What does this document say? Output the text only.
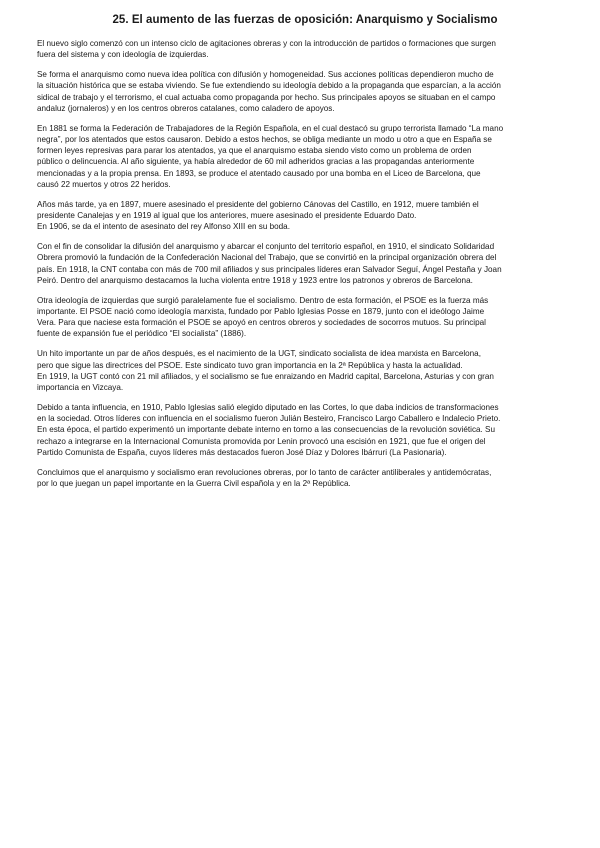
25. El aumento de las fuerzas de oposición: Anarquismo y Socialismo

El nuevo siglo comenzó con un intenso ciclo de agitaciones obreras y con la introducción de partidos o formaciones que surgen
fuera del sistema y con ideología de izquierdas.

Se forma el anarquismo como nueva idea política con difusión y homogeneidad. Sus acciones políticas dependieron mucho de
la situación histórica que se estaba viviendo. Se fue extendiendo su ideología debido a la propaganda que esparcían, a la acción
sidical de trabajo y el terrorismo, el cual actuaba como propaganda por hecho. Sus principales apoyos se situaban en el campo
andaluz (jornaleros) y en los centros obreros catalanes, como caladero de apoyos.

En 1881 se forma la Federación de Trabajadores de la Región Española, en el cual destacó su grupo terrorista llamado “La mano
negra”, por los atentados que estos causaron. Debido a estos hechos, se obliga mediante un modo u otro a que en España se
formen leyes represivas para parar los atentados, ya que el anarquismo estaba siendo visto como un problema de orden
público o delincuencia. Al año siguiente, ya había alrededor de 60 mil adheridos gracias a las propagandas anteriormente
mencionadas y a la propia prensa. En 1893, se produce el atentado causado por una bomba en el Liceo de Barcelona, que
causó 22 muertos y otros 22 heridos.

Años más tarde, ya en 1897, muere asesinado el presidente del gobierno Cánovas del Castillo, en 1912, muere también el
presidente Canalejas y en 1919 al igual que los anteriores, muere asesinado el presidente Eduardo Dato.
En 1906, se da el intento de asesinato del rey Alfonso XIII en su boda.

Con el fin de consolidar la difusión del anarquismo y abarcar el conjunto del territorio español, en 1910, el sindicato Solidaridad
Obrera promovió la fundación de la Confederación Nacional del Trabajo, que se convirtió en la principal organización obrera del
país. En 1918, la CNT contaba con más de 700 mil afiliados y sus principales líderes eran Salvador Seguí, Ángel Pestaña y Joan
Peiró. Dentro del anarquismo destacamos la lucha violenta entre 1918 y 1923 entre los patronos y obreros de Barcelona.

Otra ideología de izquierdas que surgió paralelamente fue el socialismo. Dentro de esta formación, el PSOE es la fuerza más
importante. El PSOE nació como ideología marxista, fundado por Pablo Iglesias Posse en 1879, junto con el ideólogo Jaime
Vera. Para que naciese esta formación el PSOE se apoyó en centros obreros y sociedades de socorros mutuos. Su principal
fuente de expansión fue el periódico “El socialista” (1886).

Un hito importante un par de años después, es el nacimiento de la UGT, sindicato socialista de idea marxista en Barcelona,
pero que sigue las directrices del PSOE. Este sindicato tuvo gran importancia en la 2ª República y hasta la actualidad.
En 1919, la UGT contó con 21 mil afiliados, y el socialismo se fue enraizando en Madrid capital, Barcelona, Asturias y con gran
importancia en Vizcaya.

Debido a tanta influencia, en 1910, Pablo Iglesias salió elegido diputado en las Cortes, lo que daba indicios de transformaciones
en la sociedad. Otros líderes con influencia en el socialismo fueron Julián Besteiro, Francisco Largo Caballero e Indalecio Prieto.
En esta época, el partido experimentó un importante debate interno en torno a las consecuencias de la revolución soviética. Su
rechazo a integrarse en la Internacional Comunista promovida por Lenin provocó una escisión en 1921, que fue el origen del
Partido Comunista de España, cuyos líderes más destacados fueron José Díaz y Dolores Ibárruri (La Pasionaria).

Concluimos que el anarquismo y socialismo eran revoluciones obreras, por lo tanto de carácter antiliberales y antidemócratas,
por lo que juegan un papel importante en la Guerra Civil española y en la 2ª República.
